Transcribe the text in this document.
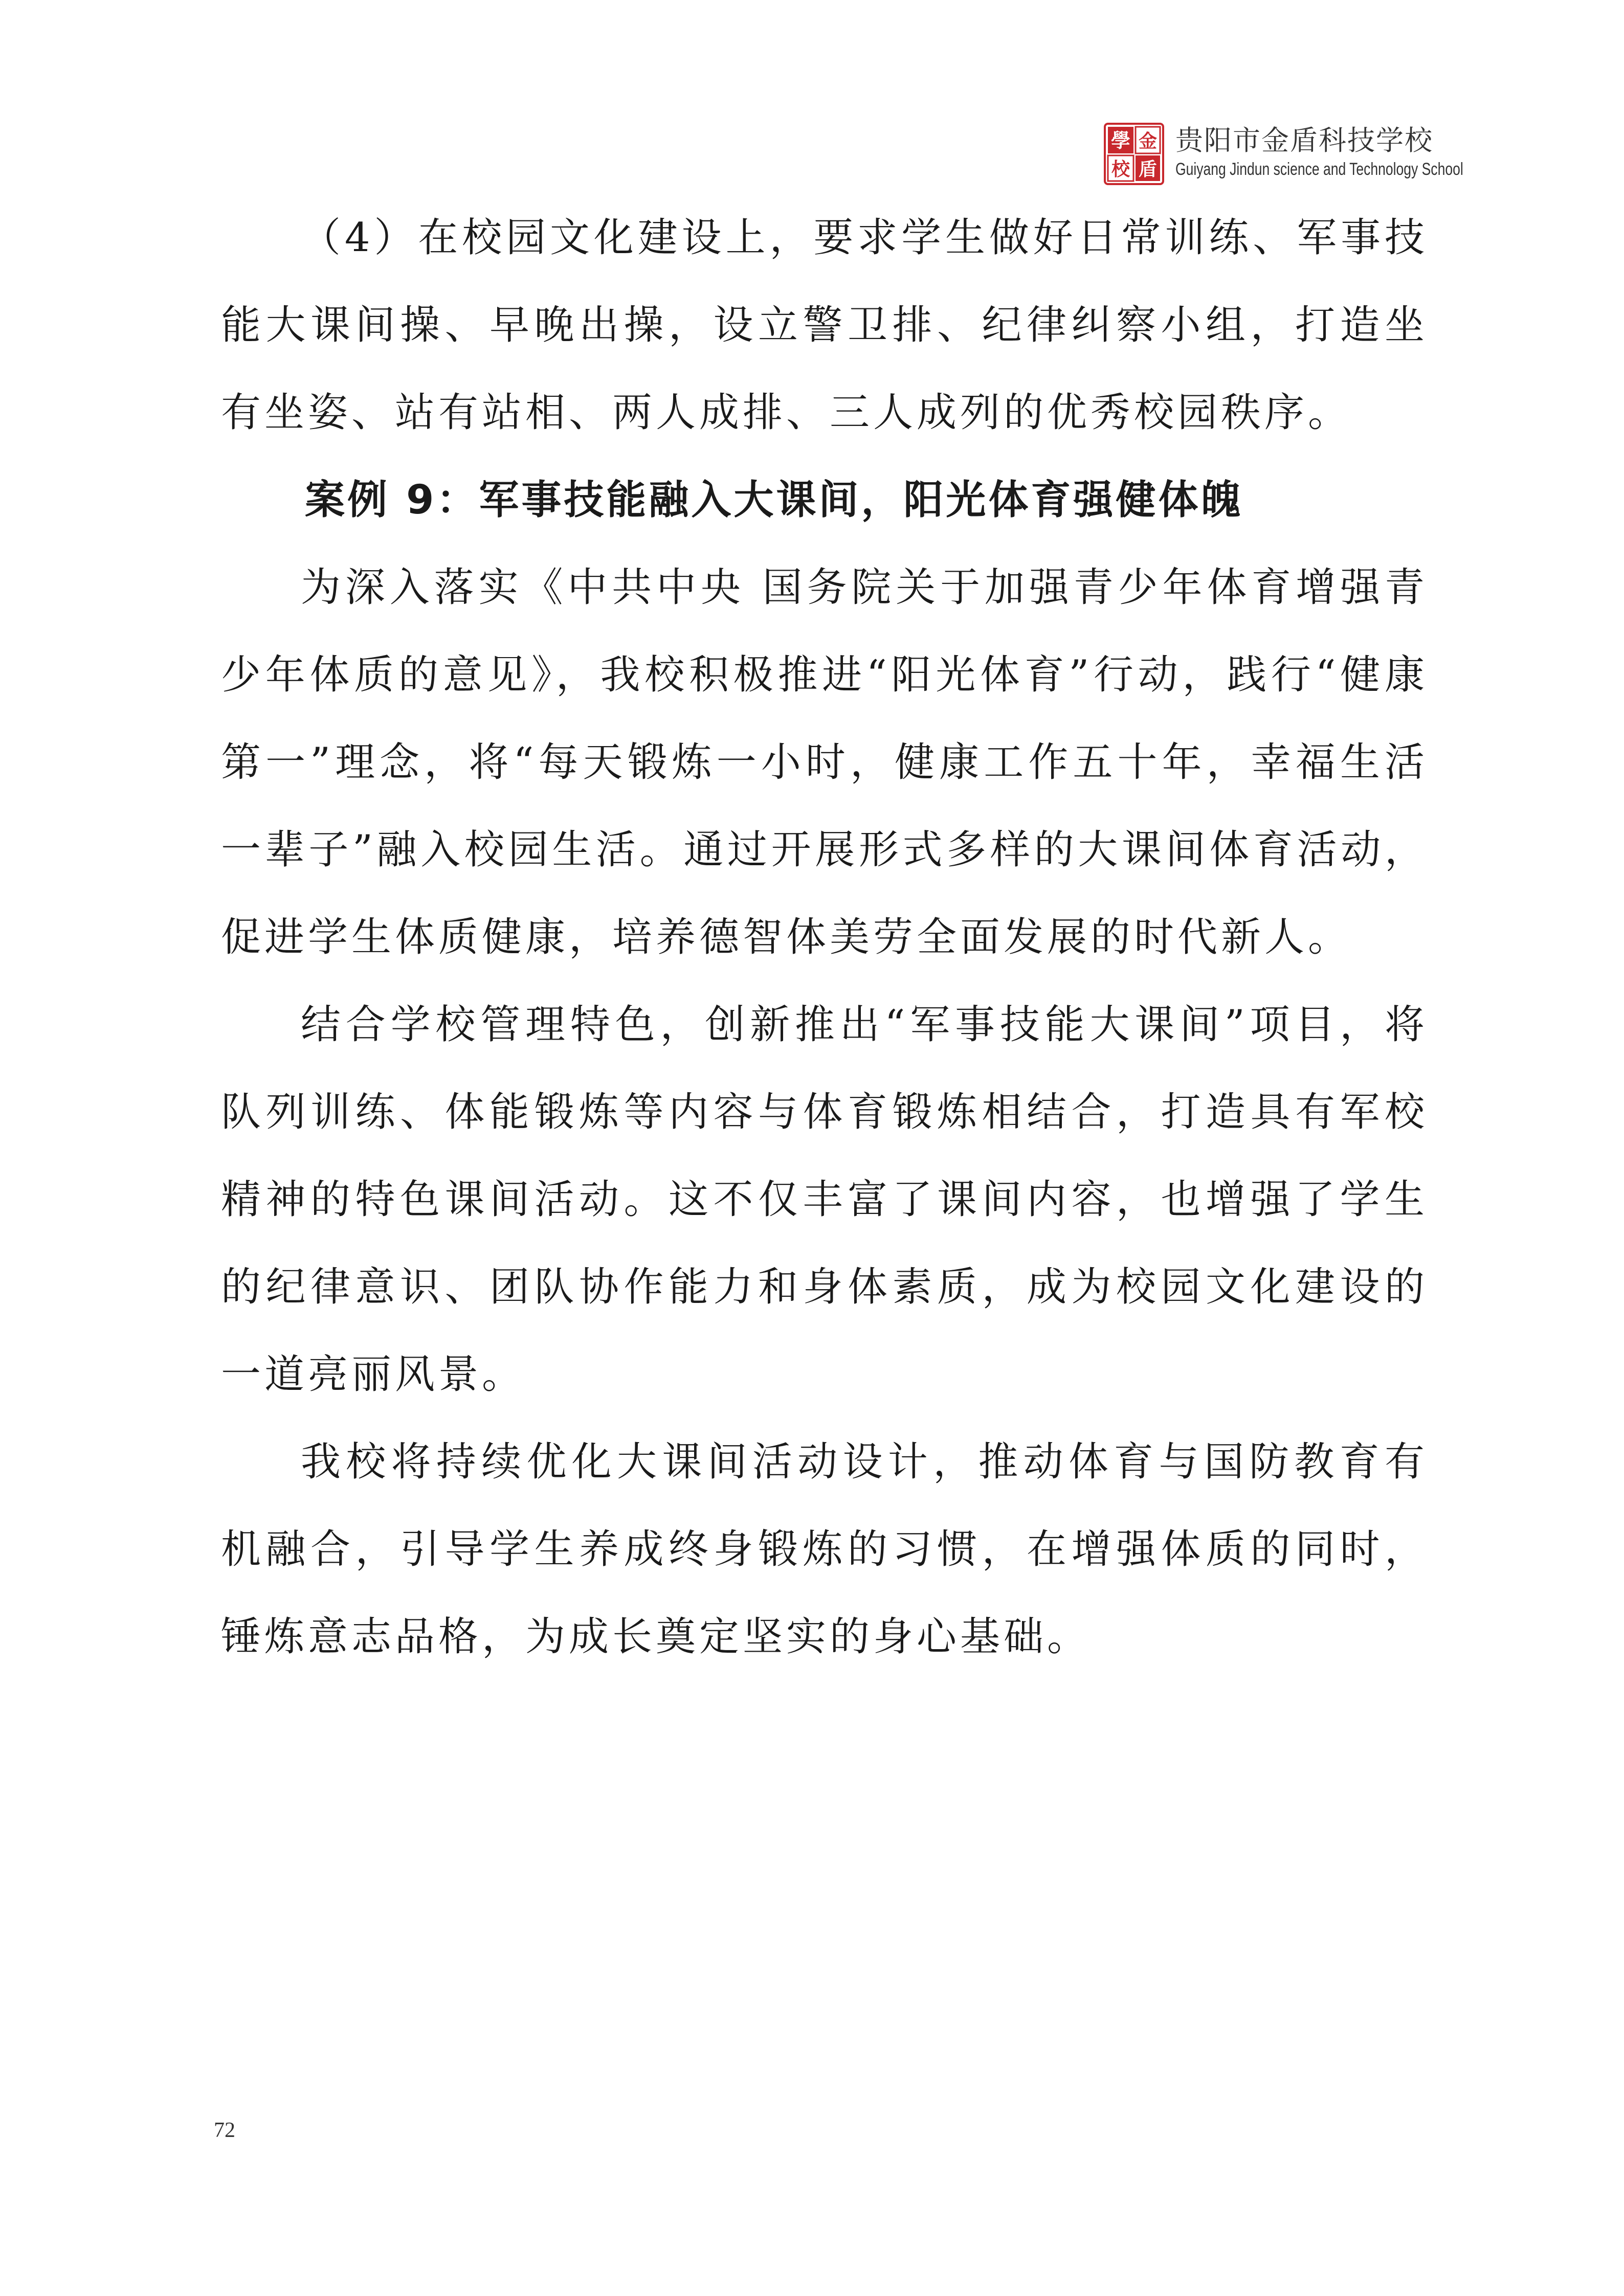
學 金
校 盾
贵阳市金盾科技学校
Guiyang Jindun science and Technology School

（4）在校园文化建设上，要求学生做好日常训练、军事技能大课间操、早晚出操，设立警卫排、纪律纠察小组，打造坐有坐姿、站有站相、两人成排、三人成列的优秀校园秩序。

案例 9：军事技能融入大课间，阳光体育强健体魄

为深入落实《中共中央 国务院关于加强青少年体育增强青少年体质的意见》，我校积极推进“阳光体育”行动，践行“健康第一”理念，将“每天锻炼一小时，健康工作五十年，幸福生活一辈子”融入校园生活。通过开展形式多样的大课间体育活动，促进学生体质健康，培养德智体美劳全面发展的时代新人。

结合学校管理特色，创新推出“军事技能大课间”项目，将队列训练、体能锻炼等内容与体育锻炼相结合，打造具有军校精神的特色课间活动。这不仅丰富了课间内容，也增强了学生的纪律意识、团队协作能力和身体素质，成为校园文化建设的一道亮丽风景。

我校将持续优化大课间活动设计，推动体育与国防教育有机融合，引导学生养成终身锻炼的习惯，在增强体质的同时，锤炼意志品格，为成长奠定坚实的身心基础。

72
